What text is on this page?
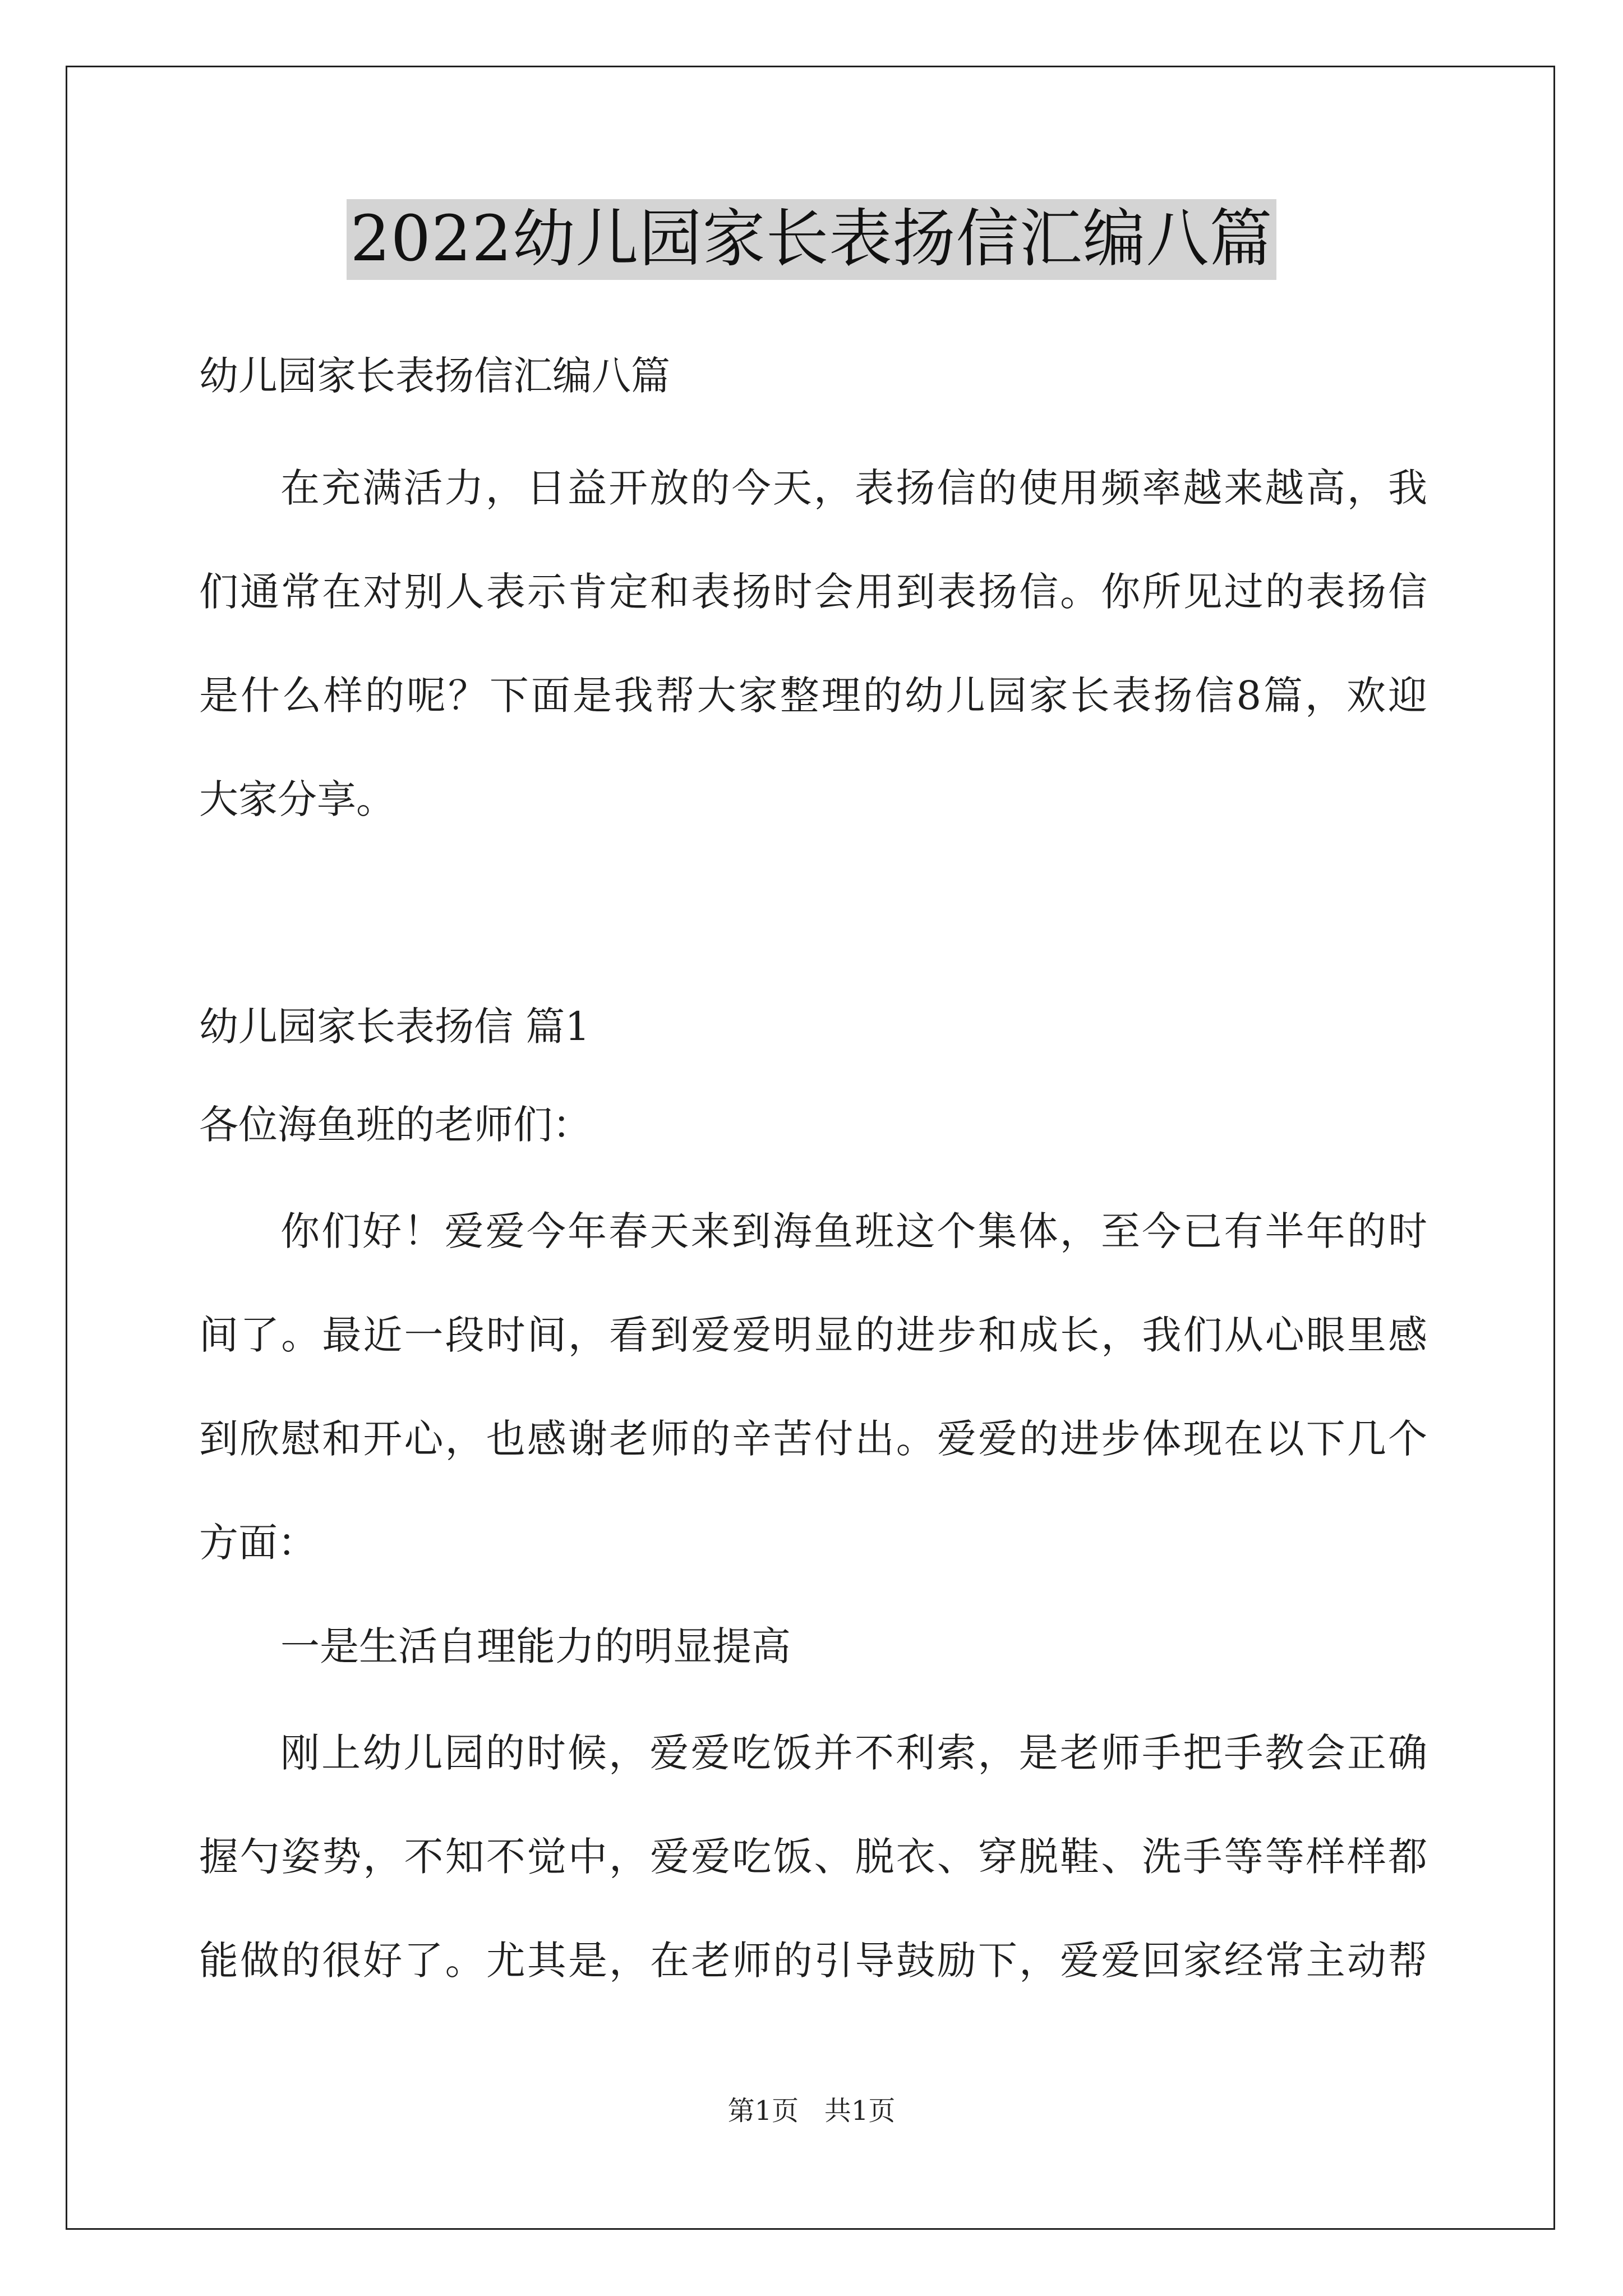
2022幼儿园家长表扬信汇编八篇
幼儿园家长表扬信汇编八篇
在充满活力，日益开放的今天，表扬信的使用频率越来越高，我
们通常在对别人表示肯定和表扬时会用到表扬信。你所见过的表扬信
是什么样的呢？下面是我帮大家整理的幼儿园家长表扬信8篇，欢迎
大家分享。
幼儿园家长表扬信 篇1
各位海鱼班的老师们：
你们好！爱爱今年春天来到海鱼班这个集体，至今已有半年的时
间了。最近一段时间，看到爱爱明显的进步和成长，我们从心眼里感
到欣慰和开心，也感谢老师的辛苦付出。爱爱的进步体现在以下几个
方面：
一是生活自理能力的明显提高
刚上幼儿园的时候，爱爱吃饭并不利索，是老师手把手教会正确
握勺姿势，不知不觉中，爱爱吃饭、脱衣、穿脱鞋、洗手等等样样都
能做的很好了。尤其是，在老师的引导鼓励下，爱爱回家经常主动帮
第1页   共1页
